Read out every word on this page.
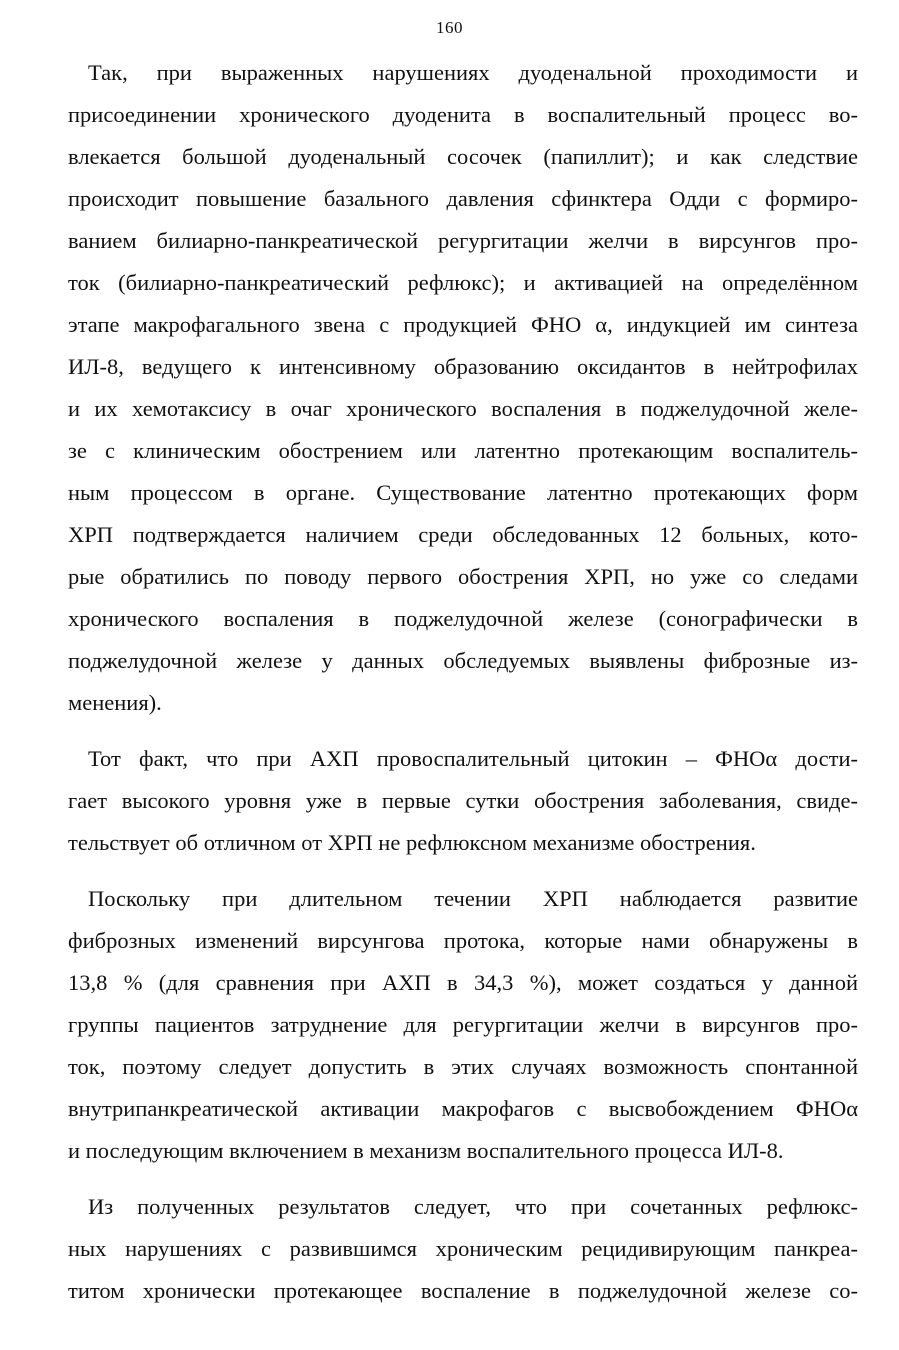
160
Так, при выраженных нарушениях дуоденальной проходимости и
присоединении хронического дуоденита в воспалительный процесс во-
влекается большой дуоденальный сосочек (папиллит); и как следствие
происходит повышение базального давления сфинктера Одди с формиро-
ванием билиарно-панкреатической регургитации желчи в вирсунгов про-
ток (билиарно-панкреатический рефлюкс); и активацией на определённом
этапе макрофагального звена с продукцией ФНО α, индукцией им синтеза
ИЛ-8, ведущего к интенсивному образованию оксидантов в нейтрофилах
и их хемотаксису в очаг хронического воспаления в поджелудочной желе-
зе с клиническим обострением или латентно протекающим воспалитель-
ным процессом в органе. Существование латентно протекающих форм
ХРП подтверждается наличием среди обследованных 12 больных, кото-
рые обратились по поводу первого обострения ХРП, но уже со следами
хронического воспаления в поджелудочной железе (сонографически в
поджелудочной железе у данных обследуемых выявлены фиброзные из-
менения).
Тот факт, что при АХП провоспалительный цитокин – ФНОα дости-
гает высокого уровня уже в первые сутки обострения заболевания, свиде-
тельствует об отличном от ХРП не рефлюксном механизме обострения.
Поскольку при длительном течении ХРП наблюдается развитие
фиброзных изменений вирсунгова протока, которые нами обнаружены в
13,8 % (для сравнения при АХП в 34,3 %), может создаться у данной
группы пациентов затруднение для регургитации желчи в вирсунгов про-
ток, поэтому следует допустить в этих случаях возможность спонтанной
внутрипанкреатической активации макрофагов с высвобождением ФНОα
и последующим включением в механизм воспалительного процесса ИЛ-8.
Из полученных результатов следует, что при сочетанных рефлюкс-
ных нарушениях с развившимся хроническим рецидивирующим панкреа-
титом хронически протекающее воспаление в поджелудочной железе со-
